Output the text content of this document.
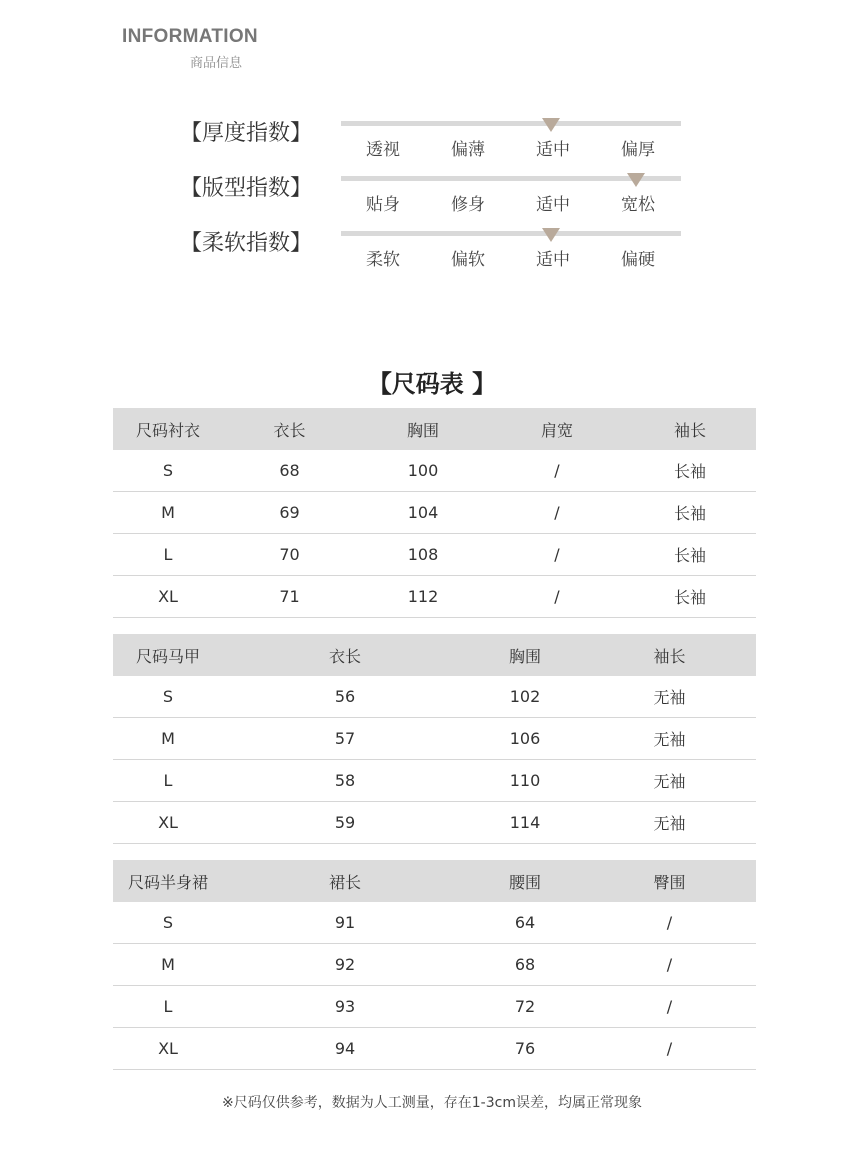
INFORMATION
商品信息
【厚度指数】
透视	偏薄	适中	偏厚
【版型指数】
贴身	修身	适中	宽松
【柔软指数】
柔软	偏软	适中	偏硬
【尺码表 】
尺码衬衣	衣长	胸围	肩宽	袖长
S	68	100	/	长袖
M	69	104	/	长袖
L	70	108	/	长袖
XL	71	112	/	长袖
尺码马甲	衣长	胸围	袖长
S	56	102	无袖
M	57	106	无袖
L	58	110	无袖
XL	59	114	无袖
尺码半身裙	裙长	腰围	臀围
S	91	64	/
M	92	68	/
L	93	72	/
XL	94	76	/
※尺码仅供参考，数据为人工测量，存在1-3cm误差，均属正常现象
